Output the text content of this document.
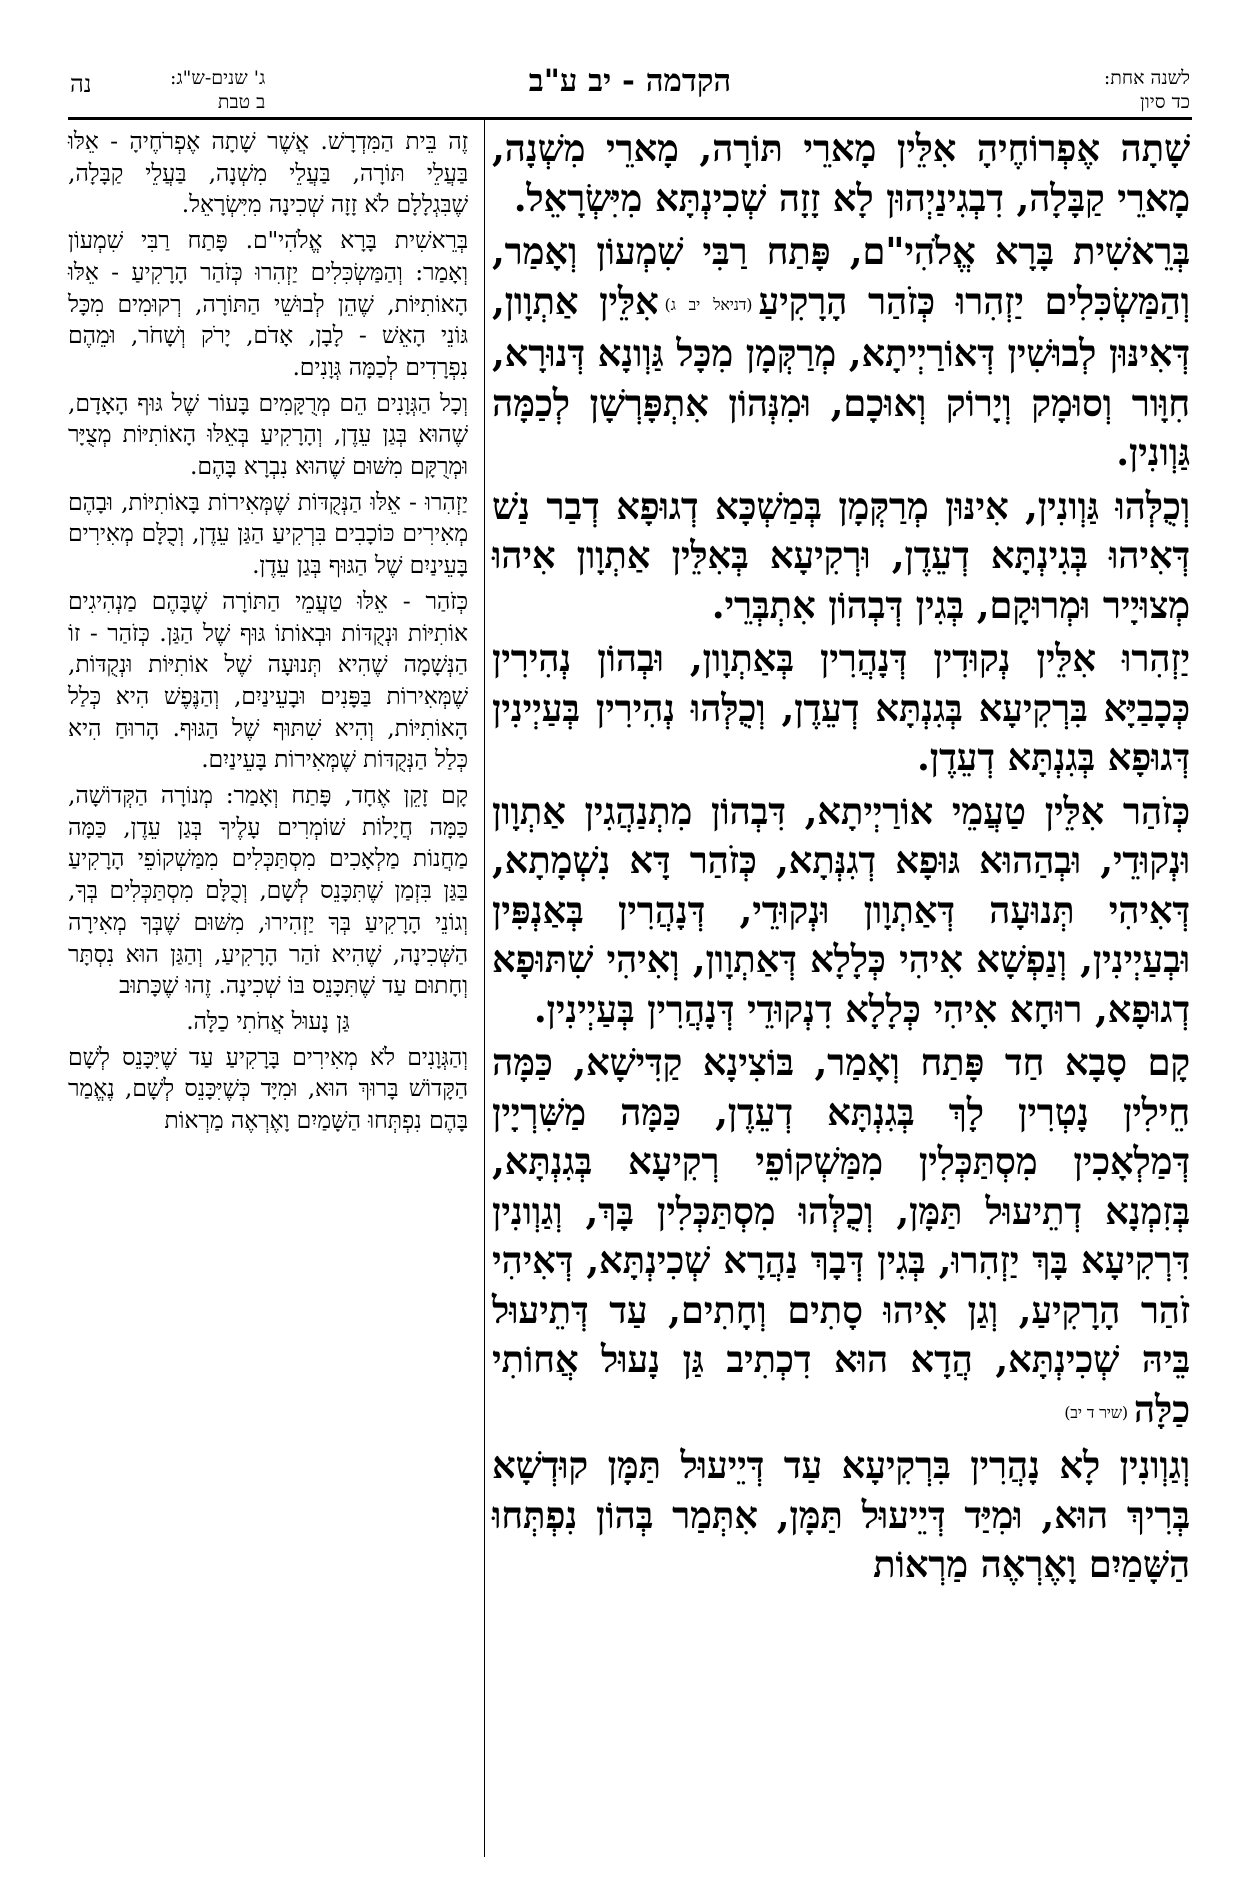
לשנה אחת:
כד סיון
הקדמה - יב ע"ב
ג' שנים-ש"ג:
ב טבת
נה

שָׁתָה אֶפְרוֹחֶיהָ אִלֵּין מָארֵי תּוֹרָה, מָארֵי מִשְׁנָה, מָארֵי קַבָּלָה, דִבְגִינַיְהוּן לָא זָזָה שְׁכִינְתָּא מִיִּשְׂרָאֵל.

בְּרֵאשִׁית בָּרָא אֱלֹהִי"ם, פָּתַח רַבִּי שִׁמְעוֹן וְאָמַר, וְהַמַּשְׂכִּלִים יַזְהִרוּ כְּזֹהַר הָרָקִיעַ(דניאל יב ג)אִלֵּין אַתְוָון, דְּאִינּוּן לְבוּשִׁין דְּאוֹרַיְיתָא, מְרַקְּמָן מִכָּל גַּוְונָא דְּנוּרָא, חִוָּור וְסוּמָק וְיָרוֹק וְאוּכָם, וּמִנְּהוֹן אִתְפָּרְשָׁן לְכַמָּה גַּוְונִין.

וְכֻלְּהוּ גַּוְונִין, אִינּוּן מְרַקְּמָן בְּמַשְׁכָּא דְגוּפָא דְבַר נַשׁ דְּאִיהוּ בְּגִינְתָּא דְעֵדֶן, וּרְקִיעָא בְּאִלֵּין אַתְוָון אִיהוּ מְצוּיָיר וּמְרוּקָם, בְּגִין דְּבְהוֹן אִתְבְּרֵי.

יַזְהִרוּ אִלֵּין נְקוּדִין דְּנָהֲרִין בְּאַתְוָון, וּבְהוֹן נְהִירִין כְּכָבַיָּא בִּרְקִיעָא בְּגִנְתָּא דְעֵדֶן, וְכֻלְּהוּ נְהִירִין בְּעַיְינִין דְּגוּפָא בְּגִנְתָּא דְעֵדֶן.

כְּזֹהַר אִלֵּין טַעֲמֵי אוֹרַיְיתָא, דִּבְהוֹן מִתְנַהֲגִין אַתְוָון וּנְקוּדֵי, וּבְהַהוּא גּוּפָא דְגִנְּתָא, כְּזֹהַר דָּא נִשְׁמָתָא, דְּאִיהִי תְּנוּעָה דְּאַתְוָון וּנְקוּדֵי, דְּנָהֲרִין בְּאַנְפִּין וּבְעַיְינִין, וְנַפְשָׁא אִיהִי כְּלָלָא דְּאַתְוָון, וְאִיהִי שִׁתּוּפָא דְגוּפָא, רוּחָא אִיהִי כְּלָלָא דִנְקוּדֵי דְּנָהֲרִין בְּעַיְינִין.

קָם סָבָא חַד פָּתַח וְאָמַר, בּוֹצִינָא קַדִּישָׁא, כַּמָּה חֵילִין נָטְרִין לָךְ בְּגִנְתָּא דְעֵדֶן, כַּמָּה מַשִּׁרְיָין דְּמַלְאָכִין מִסְתַּכְּלִין מִמַּשְׁקוֹפֵי רְקִיעָא בְּגִנְתָּא, בְּזִמְנָא דְתֵיעוּל תַּמָּן, וְכֻלְּהוּ מִסְתַּכְּלִין בָּךְ, וְגַוְונִין דִּרְקִיעָא בָּךְ יַזְהִרוּ, בְּגִין דְּבָךְ נַהֲרָא שְׁכִינְתָּא, דְּאִיהִי זֹהַר הָרָקִיעַ, וְגַן אִיהוּ סָתִים וְחָתִים, עַד דְּתֵיעוּל בֵּיהּ שְׁכִינְתָּא, הֲדָא הוּא דִכְתִיב גַּן נָעוּל אֲחוֹתִי כַלָּה(שיר ד יב)

וְגַוְונִין לָא נָהֲרִין בִּרְקִיעָא עַד דְּיֵיעוּל תַּמָּן קוּדְשָׁא בְּרִיךְ הוּא, וּמִיַּד דְּיֵיעוּל תַּמָּן, אִתְּמַר בְּהוֹן נִפְתְּחוּ הַשָּׁמַיִם וָאֶרְאֶה מַרְאוֹת

זֶה בֵּית הַמִּדְרָשׁ. אֲשֶׁר שָׁתָה אֶפְרֹחֶיהָ - אֵלּוּ בַּעֲלֵי תּוֹרָה, בַּעֲלֵי מִשְׁנָה, בַּעֲלֵי קַבָּלָה, שֶׁבִּגְלָלָם לֹא זָזָה שְׁכִינָה מִיִּשְׂרָאֵל.

בְּרֵאשִׁית בָּרָא אֱלֹהִי"ם. פָּתַח רַבִּי שִׁמְעוֹן וְאָמַר: וְהַמַּשְׂכִּלִים יַזְהִרוּ כְּזֹהַר הָרָקִיעַ - אֵלּוּ הָאוֹתִיּוֹת, שֶׁהֵן לְבוּשֵׁי הַתּוֹרָה, רְקוּמִים מִכָּל גּוֹנֵי הָאֵשׁ - לָבָן, אָדֹם, יָרֹק וְשָׁחֹר, וּמֵהֶם נִפְרָדִים לְכַמָּה גְּוָנִים.

וְכָל הַגְּוָנִים הֵם מְרֻקָּמִים בָּעוֹר שֶׁל גּוּף הָאָדָם, שֶׁהוּא בְּגַן עֵדֶן, וְהָרָקִיעַ בְּאֵלּוּ הָאוֹתִיּוֹת מְצֻיָּר וּמְרֻקָּם מִשּׁוּם שֶׁהוּא נִבְרָא בָּהֶם.

יַזְהִרוּ - אֵלּוּ הַנְּקֻדּוֹת שֶׁמְּאִירוֹת בָּאוֹתִיּוֹת, וּבָהֶם מְאִירִים כּוֹכָבִים בִּרְקִיעַ הַגַּן עֵדֶן, וְכֻלָּם מְאִירִים בָּעֵינַיִם שֶׁל הַגּוּף בְּגַן עֵדֶן.

כְּזֹהַר - אֵלּוּ טַעֲמֵי הַתּוֹרָה שֶׁבָּהֶם מַנְהִיגִים אוֹתִיּוֹת וּנְקֻדּוֹת וּבְאוֹתוֹ גּוּף שֶׁל הַגַּן. כְּזֹהַר - זוֹ הַנְּשָׁמָה שֶׁהִיא תְּנוּעָה שֶׁל אוֹתִיּוֹת וּנְקֻדּוֹת, שֶׁמְּאִירוֹת בַּפָּנִים וּבָעֵינַיִם, וְהַנֶּפֶשׁ הִיא כְּלַל הָאוֹתִיּוֹת, וְהִיא שִׁתּוּף שֶׁל הַגּוּף. הָרוּחַ הִיא כְּלַל הַנְּקֻדּוֹת שֶׁמְּאִירוֹת בָּעֵינַיִם.

קָם זָקֵן אֶחָד, פָּתַח וְאָמַר: מְנוֹרָה הַקְּדוֹשָׁה, כַּמָּה חֲיָלוֹת שׁוֹמְרִים עָלֶיךָ בְּגַן עֵדֶן, כַּמָּה מַחֲנוֹת מַלְאָכִים מִסְתַּכְּלִים מִמַּשְׁקוֹפֵי הָרָקִיעַ בַּגַּן בִּזְמַן שֶׁתִּכָּנֵס לְשָׁם, וְכֻלָּם מִסְתַּכְּלִים בְּךָ, וְגוֹנֵי הָרָקִיעַ בְּךָ יַזְהִירוּ, מִשּׁוּם שֶׁבְּךָ מְאִירָה הַשְּׁכִינָה, שֶׁהִיא זֹהַר הָרָקִיעַ, וְהַגַּן הוּא נִסְתָּר וְחָתוּם עַד שֶׁתִּכָּנֵס בּוֹ שְׁכִינָה. זֶהוּ שֶׁכָּתוּב

גַּן נָעוּל אֲחֹתִי כַלָּה.

וְהַגְּוָנִים לֹא מְאִירִים בָּרָקִיעַ עַד שֶׁיִּכָּנֵס לְשָׁם הַקָּדוֹשׁ בָּרוּךְ הוּא, וּמִיָּד כְּשֶׁיִּכָּנֵס לְשָׁם, נֶאֱמַר בָּהֶם נִפְתְּחוּ הַשָּׁמַיִם וָאֶרְאֶה מַרְאוֹת
